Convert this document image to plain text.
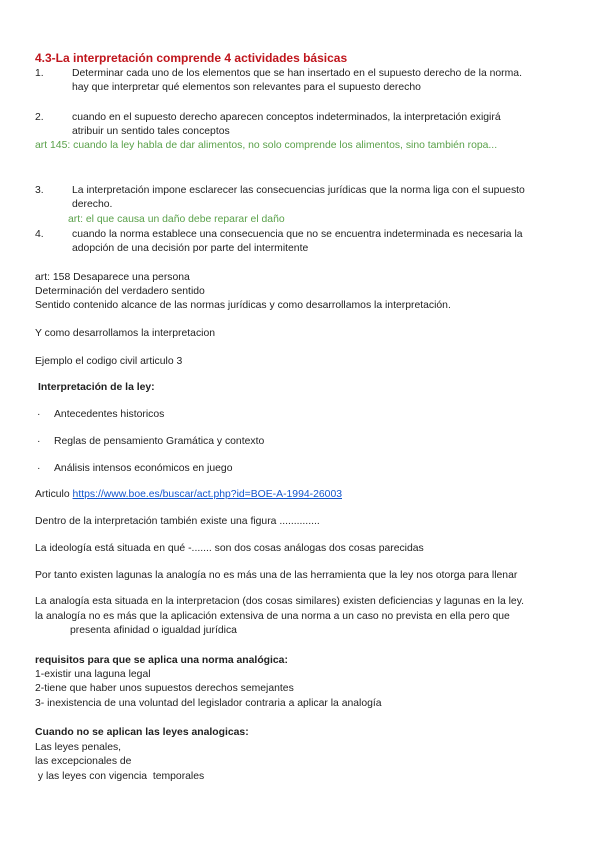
4.3-La interpretación comprende 4 actividades básicas
1.	Determinar cada uno de los elementos que se han insertado en el supuesto derecho de la norma.
hay que interpretar qué elementos son relevantes para el supuesto derecho
2.	cuando en el supuesto derecho aparecen conceptos indeterminados, la interpretación exigirá
atribuir un sentido tales conceptos
art 145: cuando la ley habla de dar alimentos, no solo comprende los alimentos, sino también ropa...
3.	La interpretación impone esclarecer las consecuencias jurídicas que la norma liga con el supuesto
derecho.
art: el que causa un daño debe reparar el daño
4.	cuando la norma establece una consecuencia que no se encuentra indeterminada es necesaria la
adopción de una decisión por parte del intermitente
art: 158 Desaparece una persona
Determinación del verdadero sentido
Sentido contenido alcance de las normas jurídicas y como desarrollamos la interpretación.
Y como desarrollamos la interpretacion
Ejemplo el codigo civil articulo 3
Interpretación de la ley:
· Antecedentes historicos
· Reglas de pensamiento Gramática y contexto
· Análisis intensos económicos en juego
Articulo https://www.boe.es/buscar/act.php?id=BOE-A-1994-26003
Dentro de la interpretación también existe una figura ..............
La ideología está situada en qué -....... son dos cosas análogas dos cosas parecidas
Por tanto existen lagunas la analogía no es más una de las herramienta que la ley nos otorga para llenar
La analogía esta situada en la interpretacion (dos cosas similares) existen deficiencias y lagunas en la ley.
la analogía no es más que la aplicación extensiva de una norma a un caso no prevista en ella pero que
presenta afinidad o igualdad jurídica
requisitos para que se aplica una norma analógica:
1-existir una laguna legal
2-tiene que haber unos supuestos derechos semejantes
3- inexistencia de una voluntad del legislador contraria a aplicar la analogía
Cuando no se aplican las leyes analogicas:
Las leyes penales,
las excepcionales de
y las leyes con vigencia  temporales
